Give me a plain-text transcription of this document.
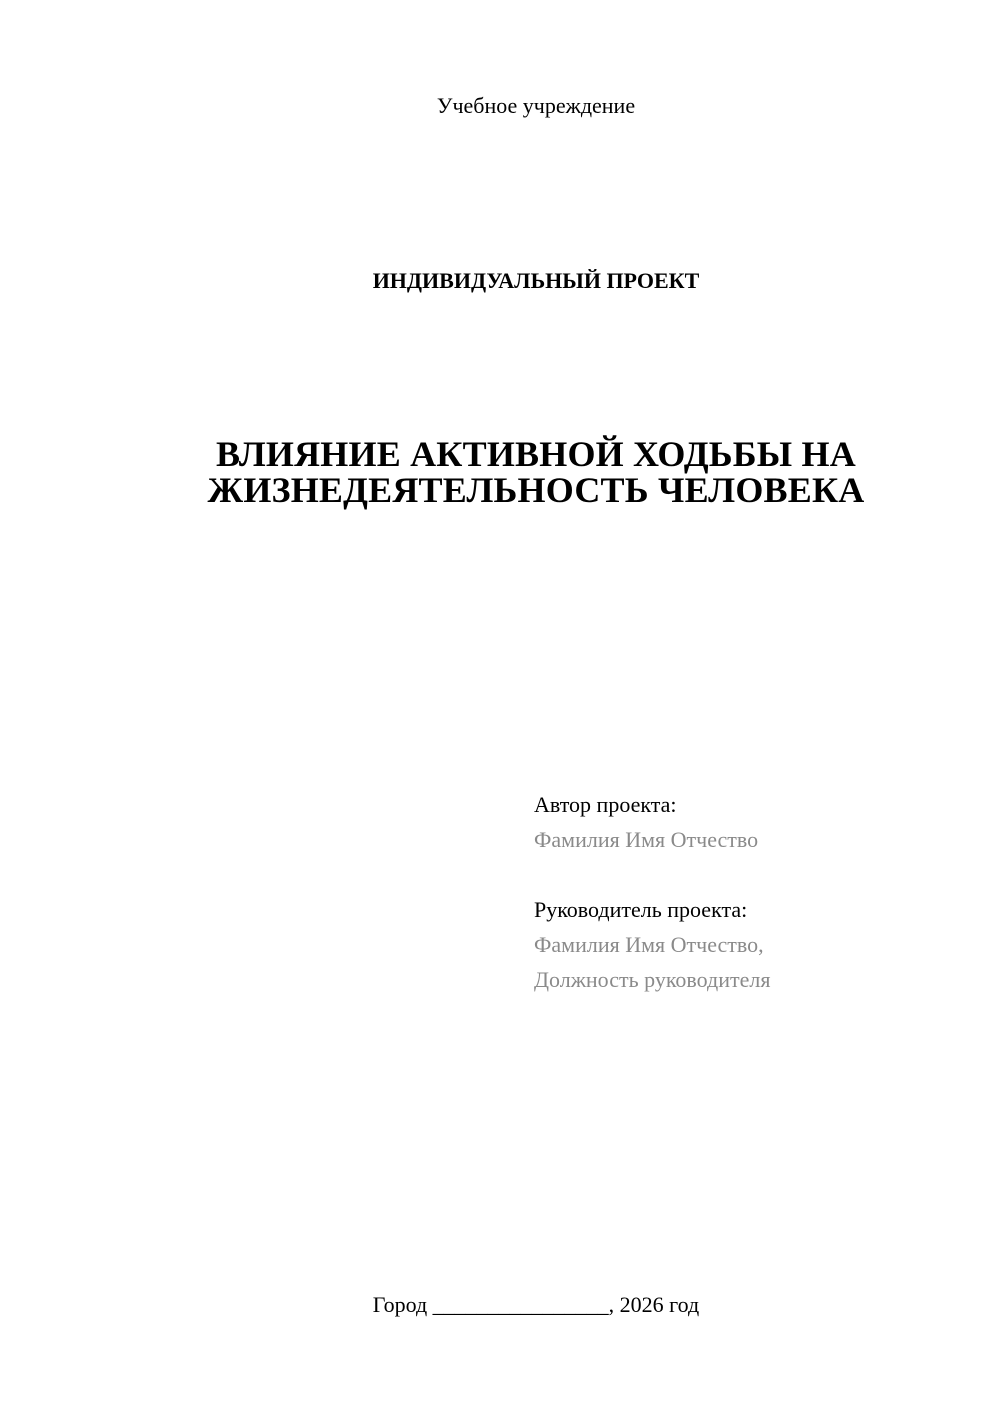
Учебное учреждение
ИНДИВИДУАЛЬНЫЙ ПРОЕКТ
ВЛИЯНИЕ АКТИВНОЙ ХОДЬБЫ НА
ЖИЗНЕДЕЯТЕЛЬНОСТЬ ЧЕЛОВЕКА
Автор проекта:
Фамилия Имя Отчество
Руководитель проекта:
Фамилия Имя Отчество,
Должность руководителя
Город ________________, 2026 год
